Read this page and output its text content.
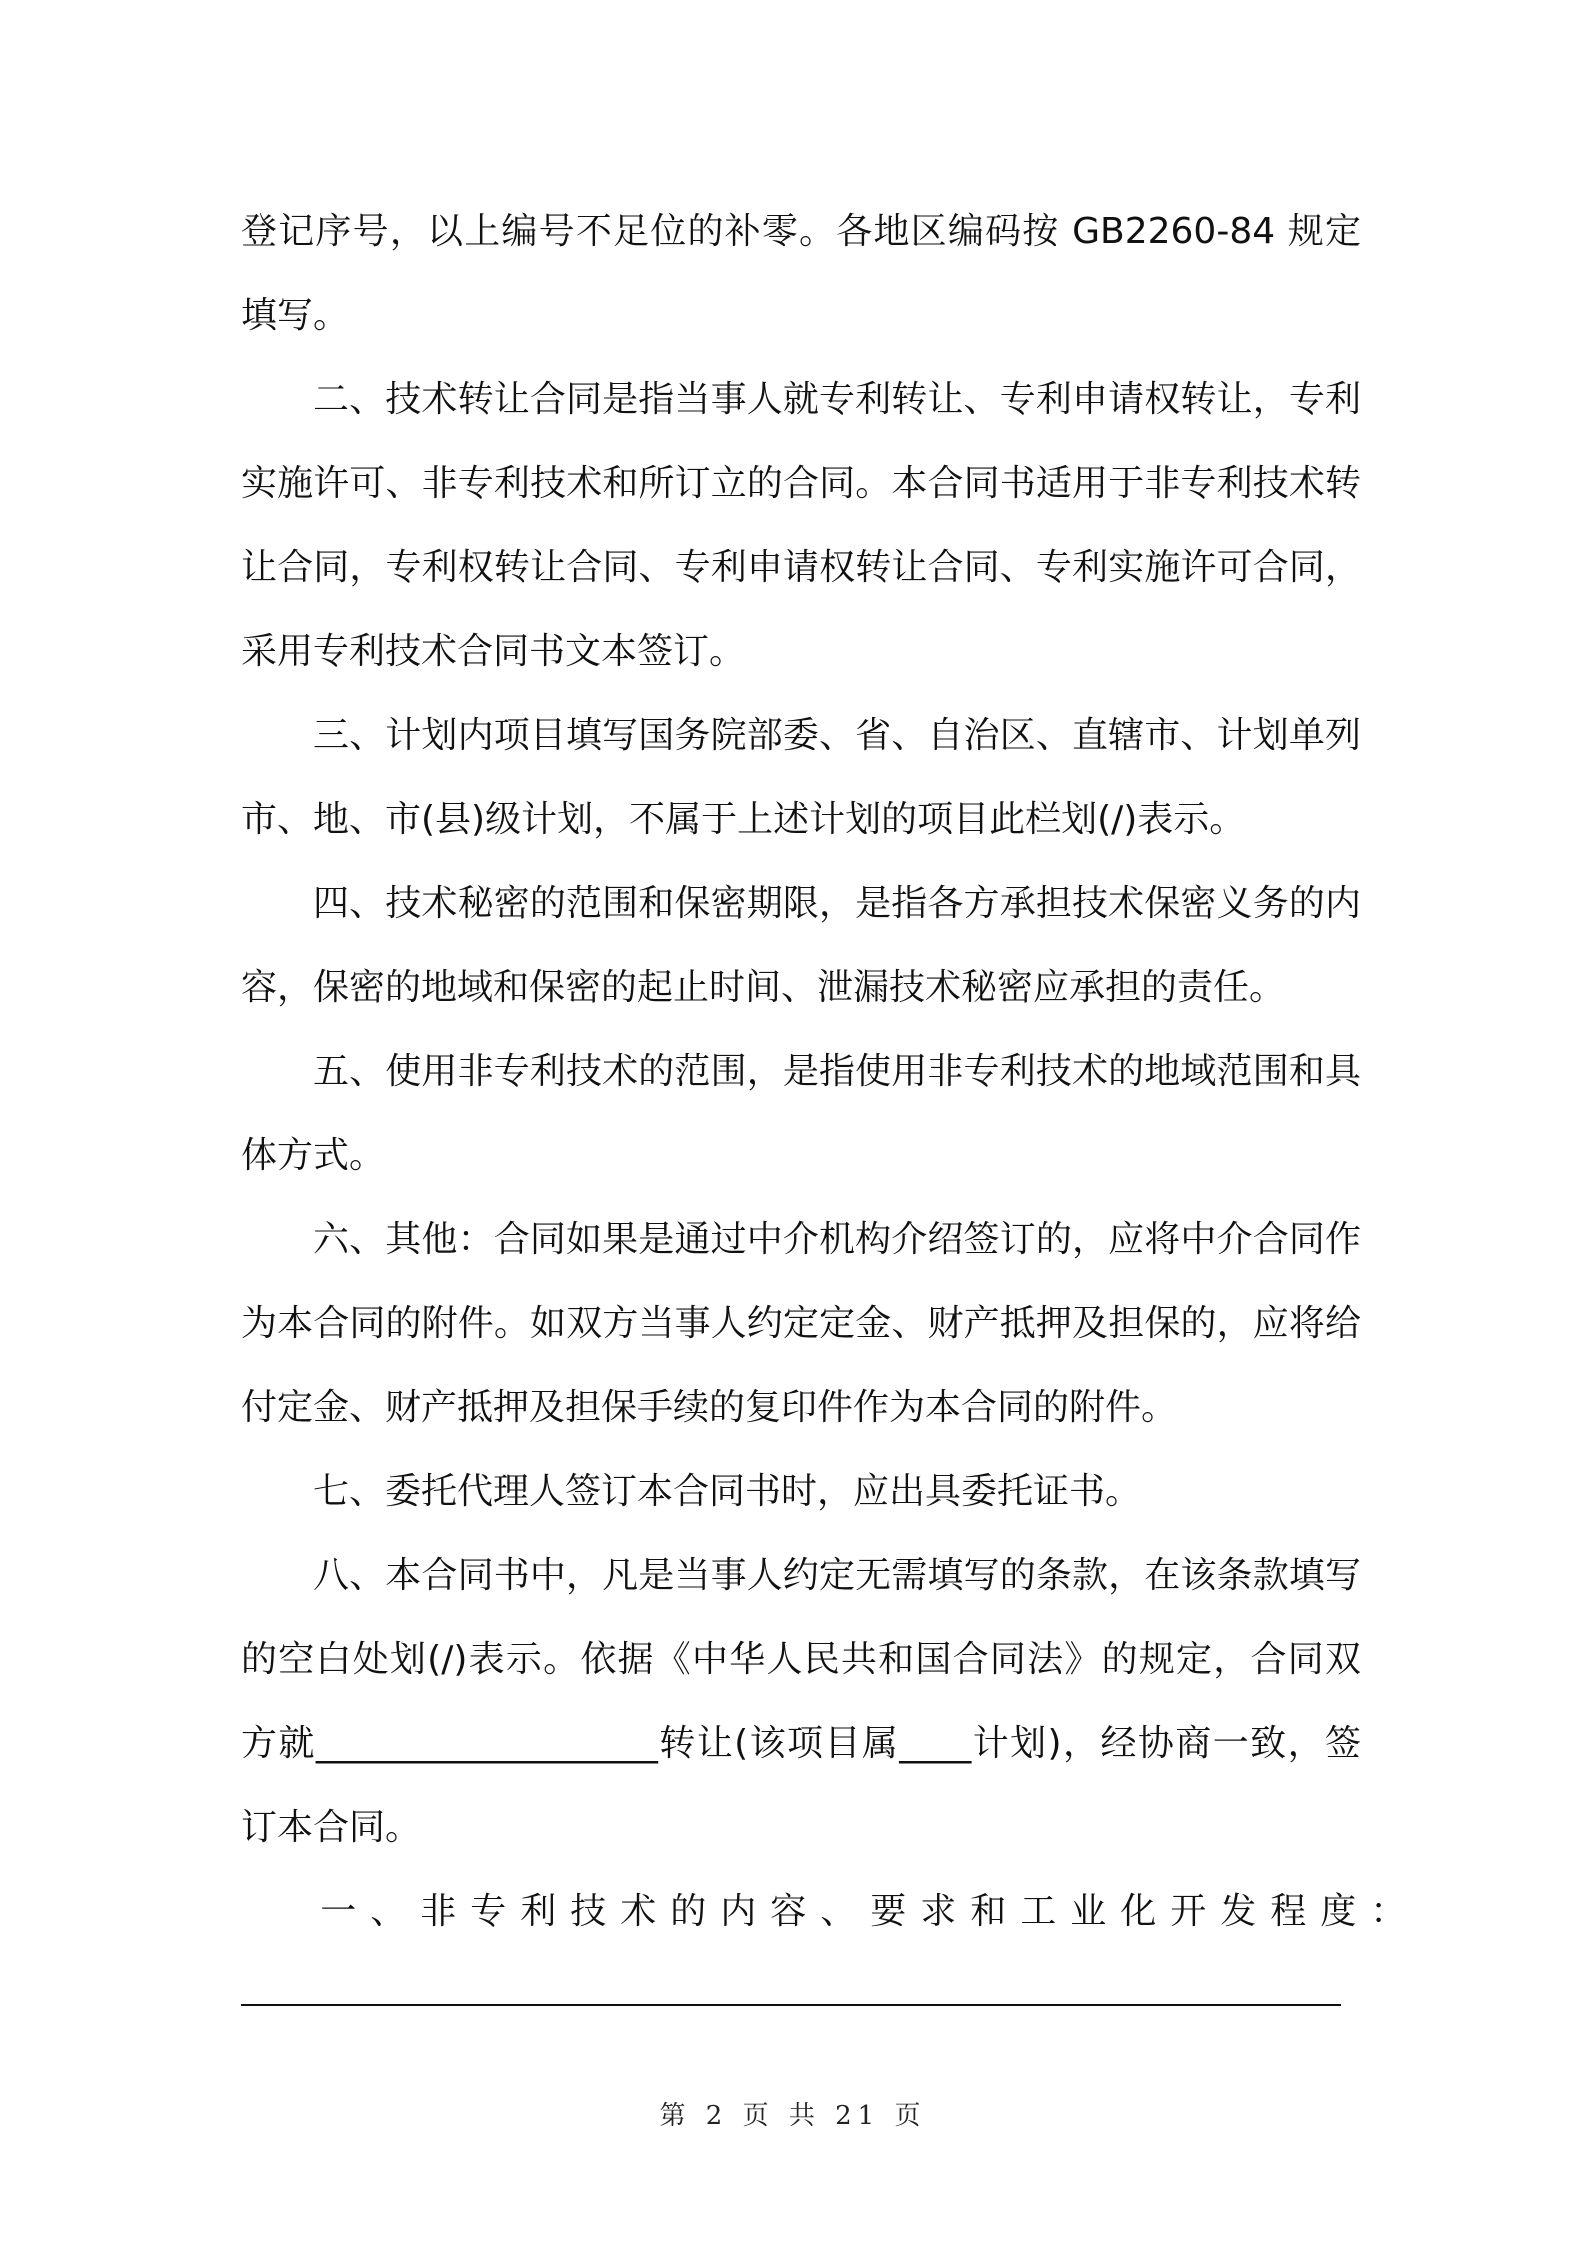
登记序号，以上编号不足位的补零。各地区编码按 GB2260-84 规定填写。

二、技术转让合同是指当事人就专利转让、专利申请权转让，专利实施许可、非专利技术和所订立的合同。本合同书适用于非专利技术转让合同，专利权转让合同、专利申请权转让合同、专利实施许可合同，采用专利技术合同书文本签订。

三、计划内项目填写国务院部委、省、自治区、直辖市、计划单列市、地、市(县)级计划，不属于上述计划的项目此栏划(/)表示。

四、技术秘密的范围和保密期限，是指各方承担技术保密义务的内容，保密的地域和保密的起止时间、泄漏技术秘密应承担的责任。

五、使用非专利技术的范围，是指使用非专利技术的地域范围和具体方式。

六、其他：合同如果是通过中介机构介绍签订的，应将中介合同作为本合同的附件。如双方当事人约定定金、财产抵押及担保的，应将给付定金、财产抵押及担保手续的复印件作为本合同的附件。

七、委托代理人签订本合同书时，应出具委托证书。

八、本合同书中，凡是当事人约定无需填写的条款，在该条款填写的空白处划(/)表示。依据《中华人民共和国合同法》的规定，合同双方就___________________转让(该项目属____计划)，经协商一致，签订本合同。

一、非专利技术的内容、要求和工业化开发程度：

第 2 页 共 21 页
